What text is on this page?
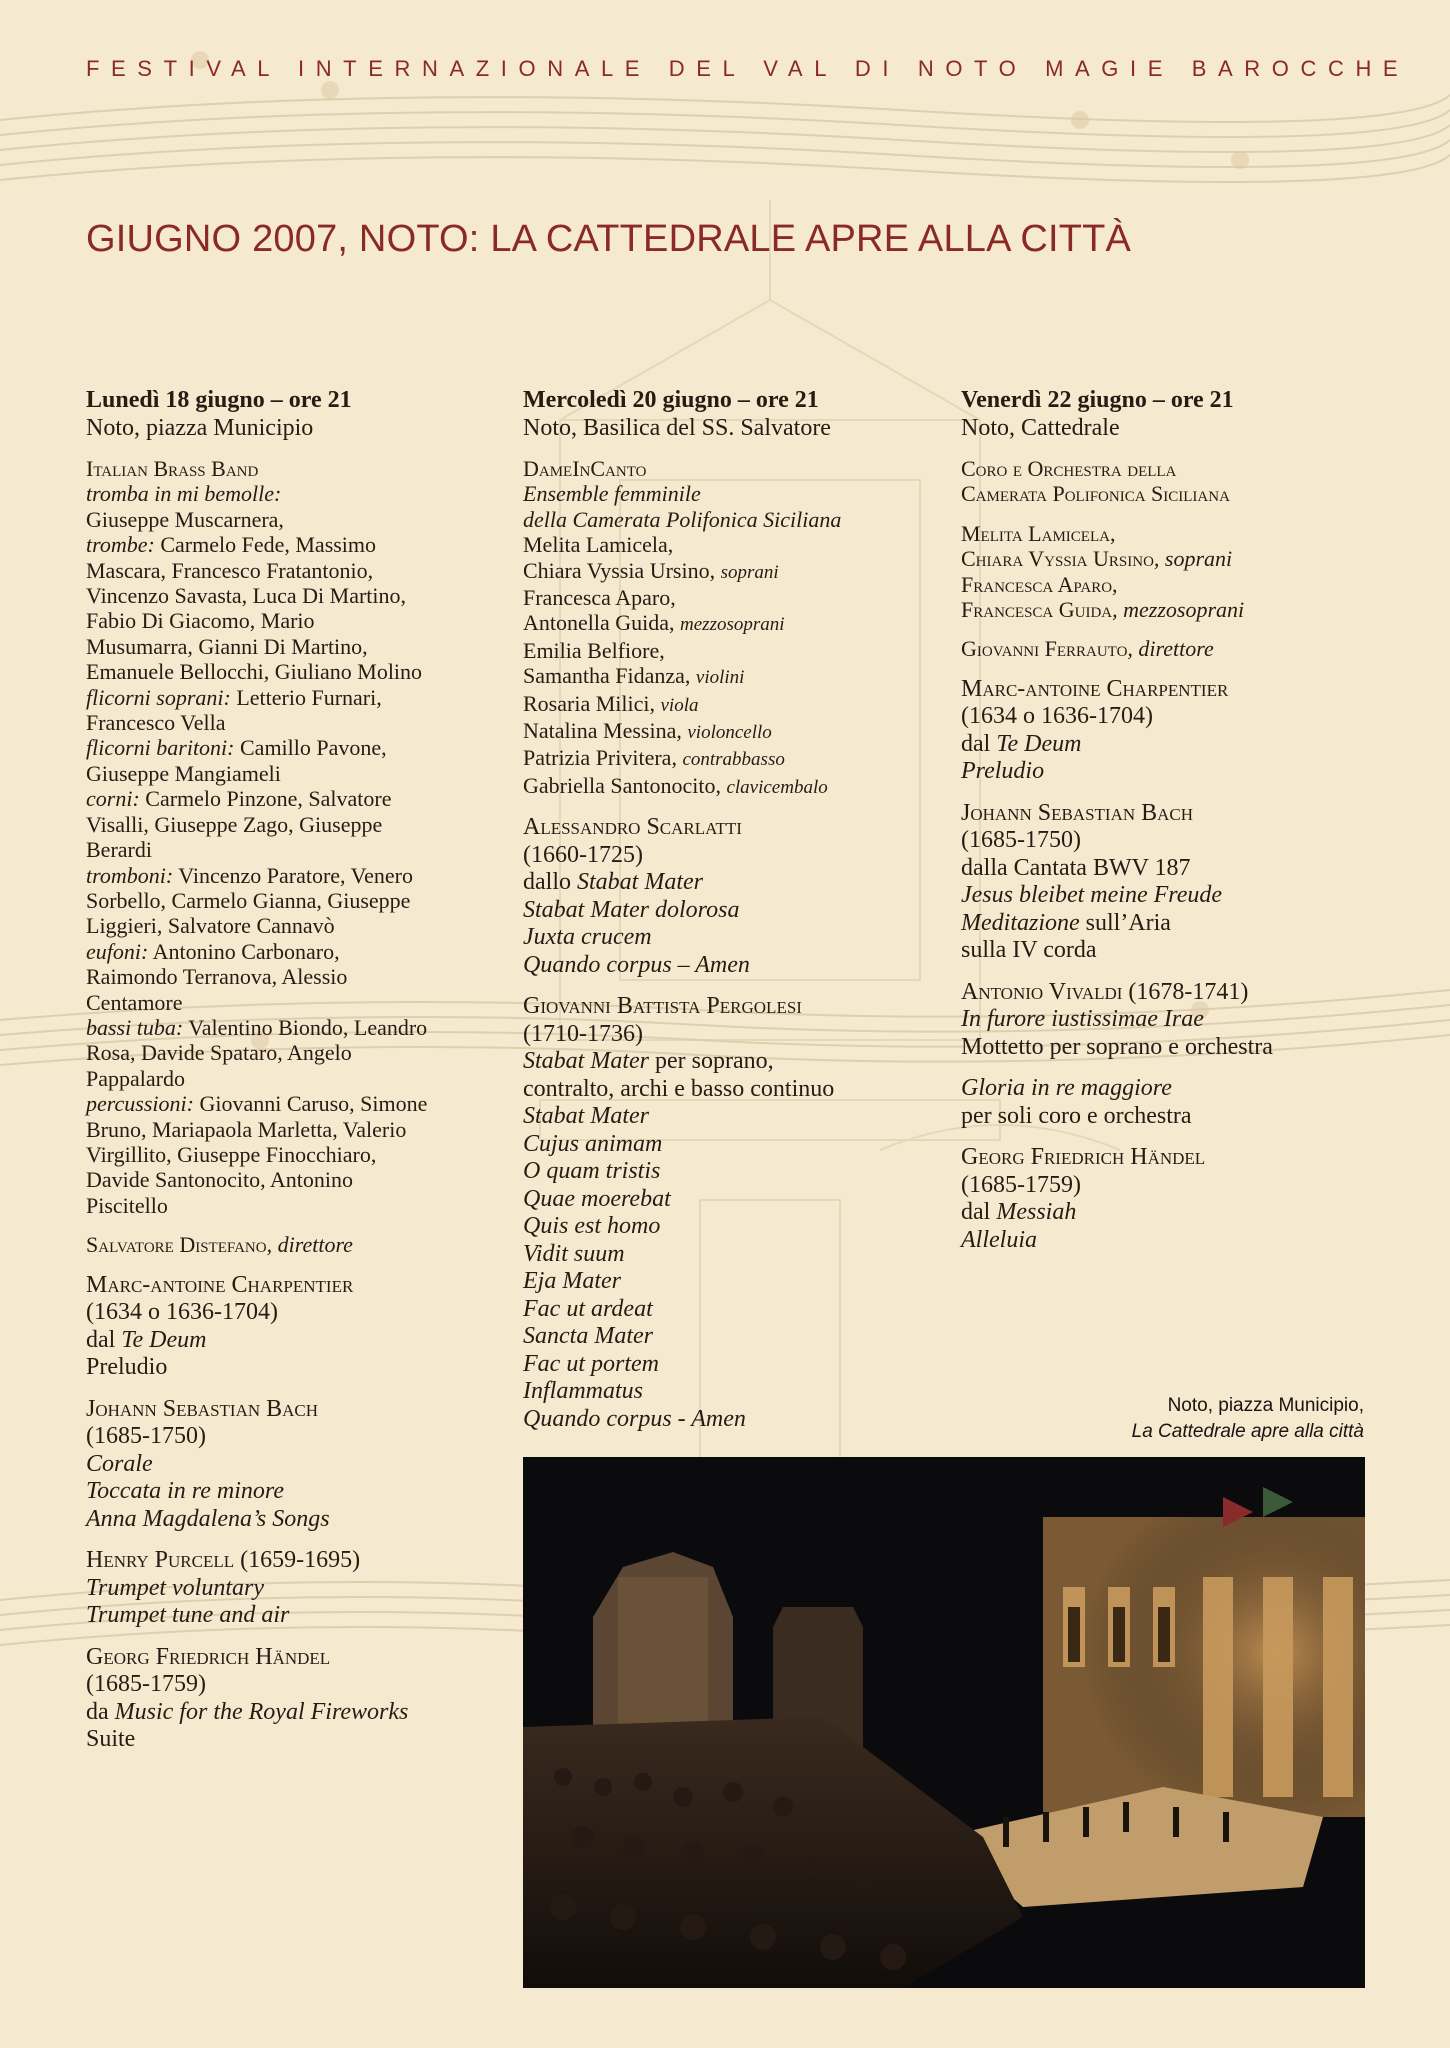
FESTIVAL INTERNAZIONALE DEL VAL DI NOTO MAGIE BAROCCHE
GIUGNO 2007, NOTO: LA CATTEDRALE APRE ALLA CITTÀ
Lunedì 18 giugno – ore 21
Noto, piazza Municipio
Italian Brass Band
tromba in mi bemolle:
Giuseppe Muscarnera,
trombe: Carmelo Fede, Massimo
Mascara, Francesco Fratantonio,
Vincenzo Savasta, Luca Di Martino,
Fabio Di Giacomo, Mario
Musumarra, Gianni Di Martino,
Emanuele Bellocchi, Giuliano Molino
flicorni soprani: Letterio Furnari,
Francesco Vella
flicorni baritoni: Camillo Pavone,
Giuseppe Mangiameli
corni: Carmelo Pinzone, Salvatore
Visalli, Giuseppe Zago, Giuseppe
Berardi
tromboni: Vincenzo Paratore, Venero
Sorbello, Carmelo Gianna, Giuseppe
Liggieri, Salvatore Cannavò
eufoni: Antonino Carbonaro,
Raimondo Terranova, Alessio
Centamore
bassi tuba: Valentino Biondo, Leandro
Rosa, Davide Spataro, Angelo
Pappalardo
percussioni: Giovanni Caruso, Simone
Bruno, Mariapaola Marletta, Valerio
Virgillito, Giuseppe Finocchiaro,
Davide Santonocito, Antonino
Piscitello
Salvatore Distefano, direttore
Marc-antoine Charpentier
(1634 o 1636-1704)
dal Te Deum
Preludio
Johann Sebastian Bach
(1685-1750)
Corale
Toccata in re minore
Anna Magdalena’s Songs
Henry Purcell (1659-1695)
Trumpet voluntary
Trumpet tune and air
Georg Friedrich Händel
(1685-1759)
da Music for the Royal Fireworks
Suite
Mercoledì 20 giugno – ore 21
Noto, Basilica del SS. Salvatore
DameInCanto
Ensemble femminile
della Camerata Polifonica Siciliana
Melita Lamicela,
Chiara Vyssia Ursino, soprani
Francesca Aparo,
Antonella Guida, mezzosoprani
Emilia Belfiore,
Samantha Fidanza, violini
Rosaria Milici, viola
Natalina Messina, violoncello
Patrizia Privitera, contrabbasso
Gabriella Santonocito, clavicembalo
Alessandro Scarlatti
(1660-1725)
dallo Stabat Mater
Stabat Mater dolorosa
Juxta crucem
Quando corpus – Amen
Giovanni Battista Pergolesi
(1710-1736)
Stabat Mater per soprano,
contralto, archi e basso continuo
Stabat Mater
Cujus animam
O quam tristis
Quae moerebat
Quis est homo
Vidit suum
Eja Mater
Fac ut ardeat
Sancta Mater
Fac ut portem
Inflammatus
Quando corpus - Amen
Venerdì 22 giugno – ore 21
Noto, Cattedrale
Coro e Orchestra della
Camerata Polifonica Siciliana
Melita Lamicela,
Chiara Vyssia Ursino, soprani
Francesca Aparo,
Francesca Guida, mezzosoprani
Giovanni Ferrauto, direttore
Marc-antoine Charpentier
(1634 o 1636-1704)
dal Te Deum
Preludio
Johann Sebastian Bach
(1685-1750)
dalla Cantata BWV 187
Jesus bleibet meine Freude
Meditazione sull’Aria
sulla IV corda
Antonio Vivaldi (1678-1741)
In furore iustissimae Irae
Mottetto per soprano e orchestra
Gloria in re maggiore
per soli coro e orchestra
Georg Friedrich Händel
(1685-1759)
dal Messiah
Alleluia
Noto, piazza Municipio,
La Cattedrale apre alla città
